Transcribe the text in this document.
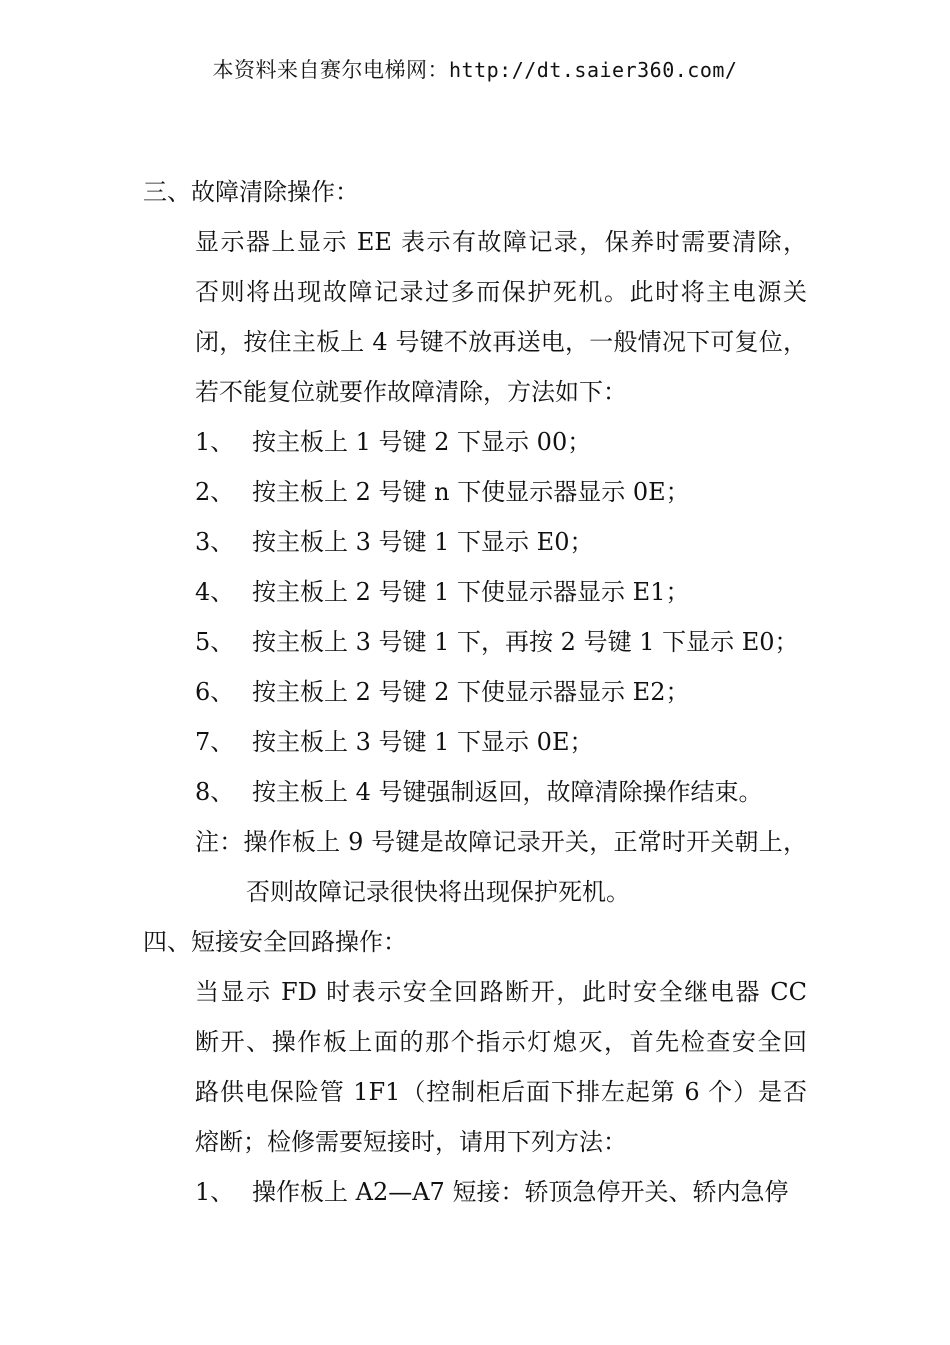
本资料来自赛尔电梯网：http://dt.saier360.com/
三、故障清除操作：
显示器上显示 EE 表示有故障记录，保养时需要清除，
否则将出现故障记录过多而保护死机。此时将主电源关
闭，按住主板上 4 号键不放再送电，一般情况下可复位，
若不能复位就要作故障清除，方法如下：
1、 按主板上 1 号键 2 下显示 00；
2、 按主板上 2 号键 n 下使显示器显示 0E；
3、 按主板上 3 号键 1 下显示 E0；
4、 按主板上 2 号键 1 下使显示器显示 E1；
5、 按主板上 3 号键 1 下，再按 2 号键 1 下显示 E0；
6、 按主板上 2 号键 2 下使显示器显示 E2；
7、 按主板上 3 号键 1 下显示 0E；
8、 按主板上 4 号键强制返回，故障清除操作结束。
注：操作板上 9 号键是故障记录开关，正常时开关朝上，
否则故障记录很快将出现保护死机。
四、短接安全回路操作：
当显示 FD 时表示安全回路断开，此时安全继电器 CC
断开、操作板上面的那个指示灯熄灭，首先检查安全回
路供电保险管 1F1（控制柜后面下排左起第 6 个）是否
熔断；检修需要短接时，请用下列方法：
1、 操作板上 A2—A7 短接：轿顶急停开关、轿内急停
